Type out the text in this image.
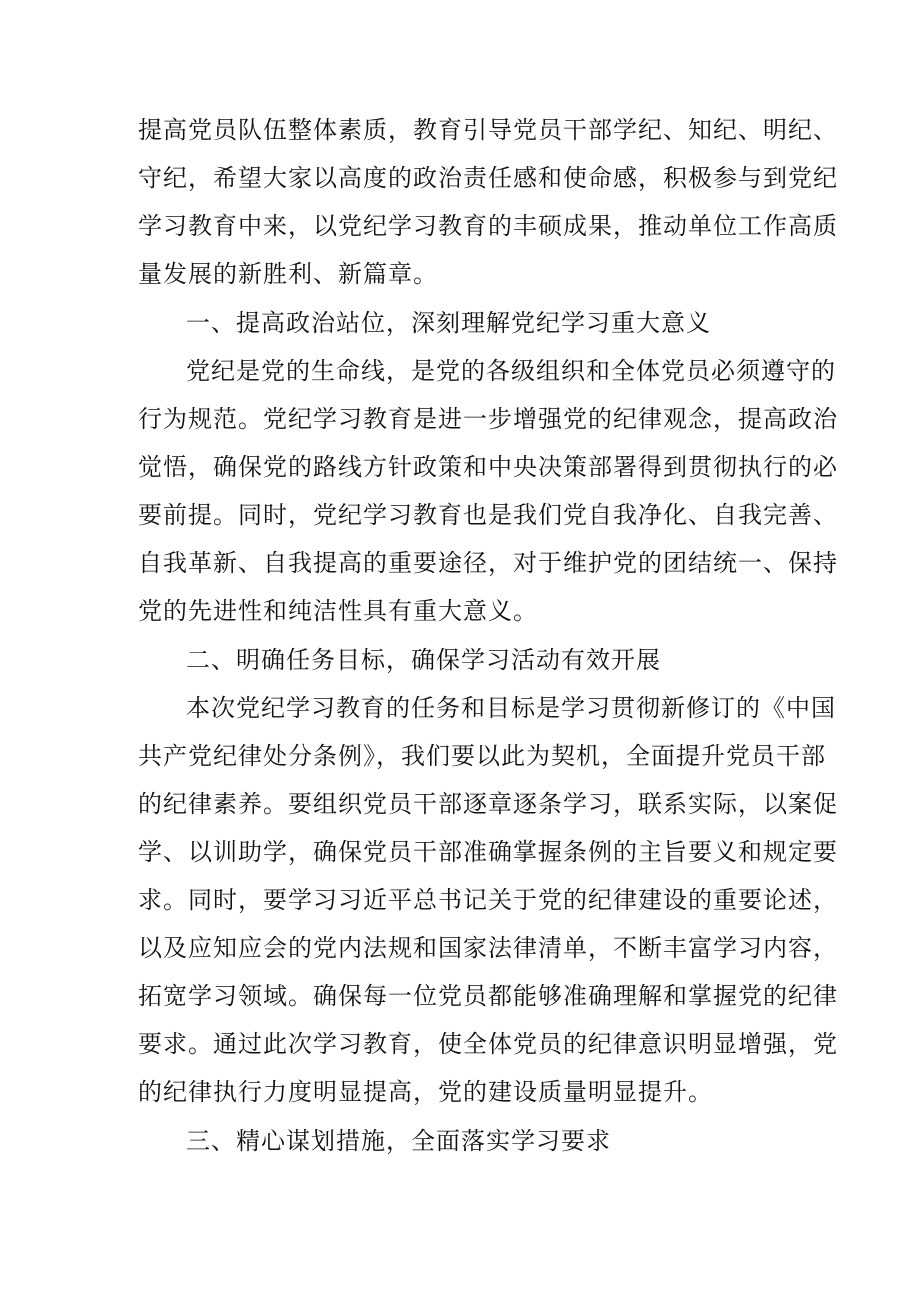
提高党员队伍整体素质，教育引导党员干部学纪、知纪、明纪、
守纪，希望大家以高度的政治责任感和使命感，积极参与到党纪
学习教育中来，以党纪学习教育的丰硕成果，推动单位工作高质
量发展的新胜利、新篇章。
一、提高政治站位，深刻理解党纪学习重大意义
党纪是党的生命线，是党的各级组织和全体党员必须遵守的
行为规范。党纪学习教育是进一步增强党的纪律观念，提高政治
觉悟，确保党的路线方针政策和中央决策部署得到贯彻执行的必
要前提。同时，党纪学习教育也是我们党自我净化、自我完善、
自我革新、自我提高的重要途径，对于维护党的团结统一、保持
党的先进性和纯洁性具有重大意义。
二、明确任务目标，确保学习活动有效开展
本次党纪学习教育的任务和目标是学习贯彻新修订的《中国
共产党纪律处分条例》，我们要以此为契机，全面提升党员干部
的纪律素养。要组织党员干部逐章逐条学习，联系实际，以案促
学、以训助学，确保党员干部准确掌握条例的主旨要义和规定要
求。同时，要学习习近平总书记关于党的纪律建设的重要论述，
以及应知应会的党内法规和国家法律清单，不断丰富学习内容，
拓宽学习领域。确保每一位党员都能够准确理解和掌握党的纪律
要求。通过此次学习教育，使全体党员的纪律意识明显增强，党
的纪律执行力度明显提高，党的建设质量明显提升。
三、精心谋划措施，全面落实学习要求
